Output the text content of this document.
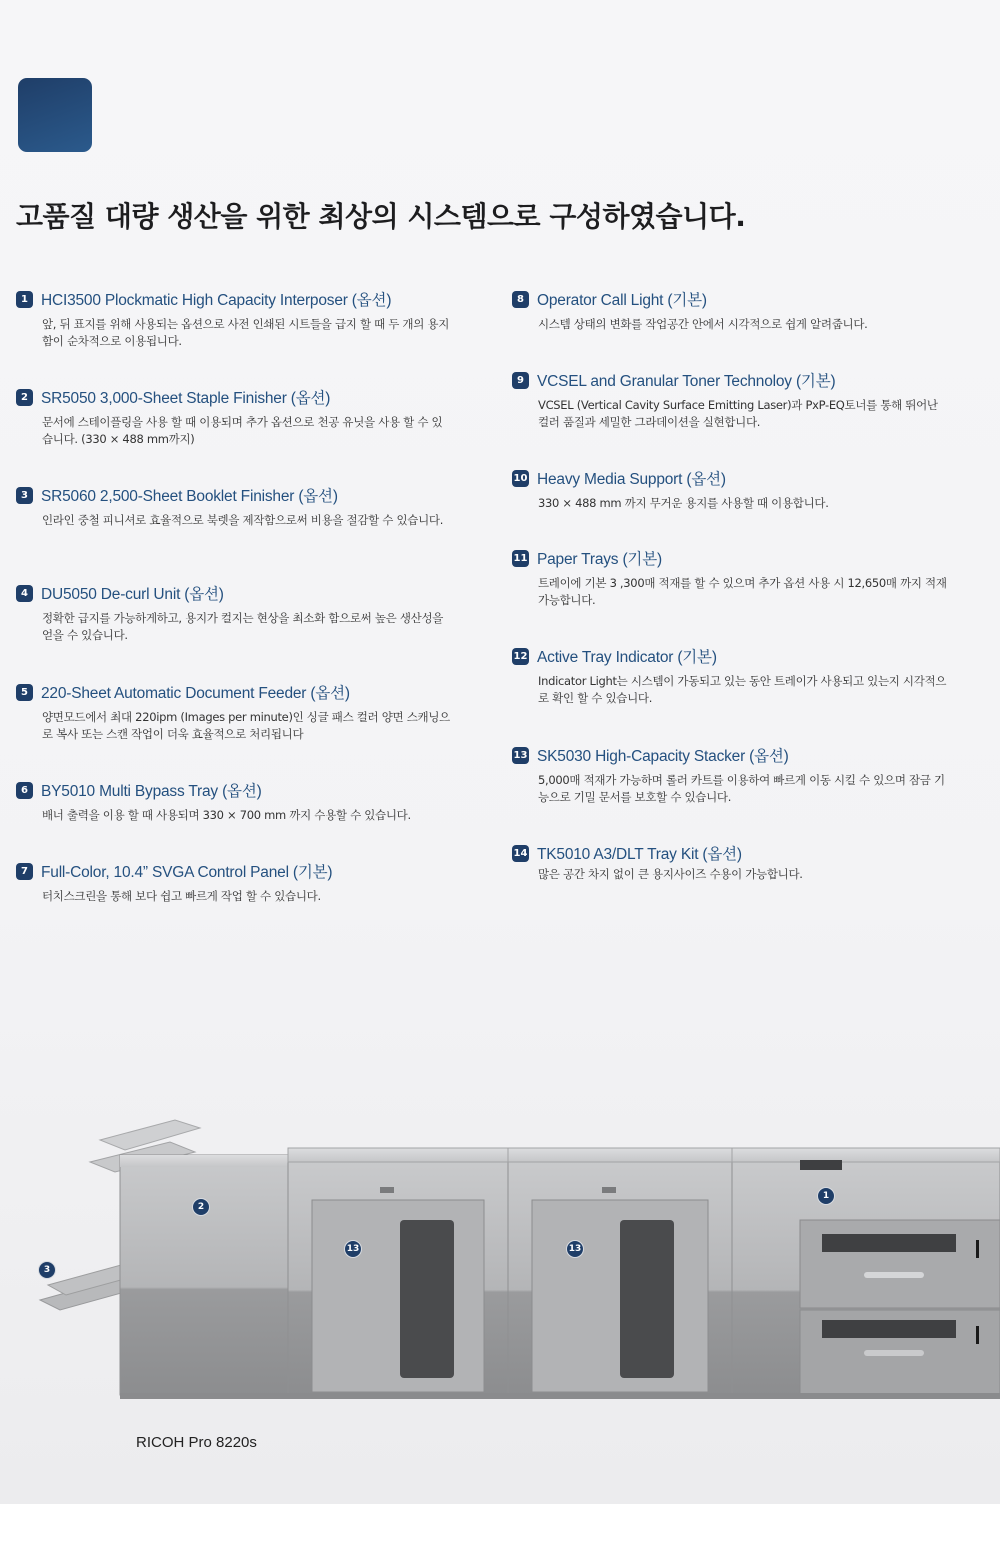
고품질 대량 생산을 위한 최상의 시스템으로 구성하였습니다.
1 HCI3500 Plockmatic High Capacity Interposer (옵션)
앞, 뒤 표지를 위해 사용되는 옵션으로 사전 인쇄된 시트들을 급지 할 때 두 개의 용지함이 순차적으로 이용됩니다.
2 SR5050 3,000-Sheet Staple Finisher (옵션)
문서에 스테이플링을 사용 할 때 이용되며 추가 옵션으로 천공 유닛을 사용 할 수 있습니다. (330 × 488 mm까지)
3 SR5060 2,500-Sheet Booklet Finisher (옵션)
인라인 중철 피니셔로 효율적으로 북렛을 제작함으로써 비용을 절감할 수 있습니다.
4 DU5050 De-curl Unit (옵션)
정확한 급지를 가능하게하고, 용지가 컬지는 현상을 최소화 함으로써 높은 생산성을 얻을 수 있습니다.
5 220-Sheet Automatic Document Feeder (옵션)
양면모드에서 최대 220ipm (Images per minute)인 싱글 패스 컬러 양면 스캐닝으로 복사 또는 스캔 작업이 더욱 효율적으로 처리됩니다
6 BY5010 Multi Bypass Tray (옵션)
배너 출력을 이용 할 때 사용되며 330 × 700 mm 까지 수용할 수 있습니다.
7 Full-Color, 10.4” SVGA Control Panel (기본)
터치스크린을 통해 보다 쉽고 빠르게 작업 할 수 있습니다.
8 Operator Call Light (기본)
시스템 상태의 변화를 작업공간 안에서 시각적으로 쉽게 알려줍니다.
9 VCSEL and Granular Toner Technoloy (기본)
VCSEL (Vertical Cavity Surface Emitting Laser)과 PxP-EQ토너를 통해 뛰어난 컬러 품질과 세밀한 그라데이션을 실현합니다.
10 Heavy Media Support (옵션)
330 × 488 mm 까지 무거운 용지를 사용할 때 이용합니다.
11 Paper Trays (기본)
트레이에 기본 3 ,300매 적재를 할 수 있으며 추가 옵션 사용 시 12,650매 까지 적재 가능합니다.
12 Active Tray Indicator (기본)
Indicator Light는 시스템이 가동되고 있는 동안 트레이가 사용되고 있는지 시각적으로 확인 할 수 있습니다.
13 SK5030 High-Capacity Stacker (옵션)
5,000매 적재가 가능하며 롤러 카트를 이용하여 빠르게 이동 시킬 수 있으며 잠금 기능으로 기밀 문서를 보호할 수 있습니다.
14 TK5010 A3/DLT Tray Kit (옵션)
많은 공간 차지 없이 큰 용지사이즈 수용이 가능합니다.
2
3
13	13
1
RICOH Pro 8220s
